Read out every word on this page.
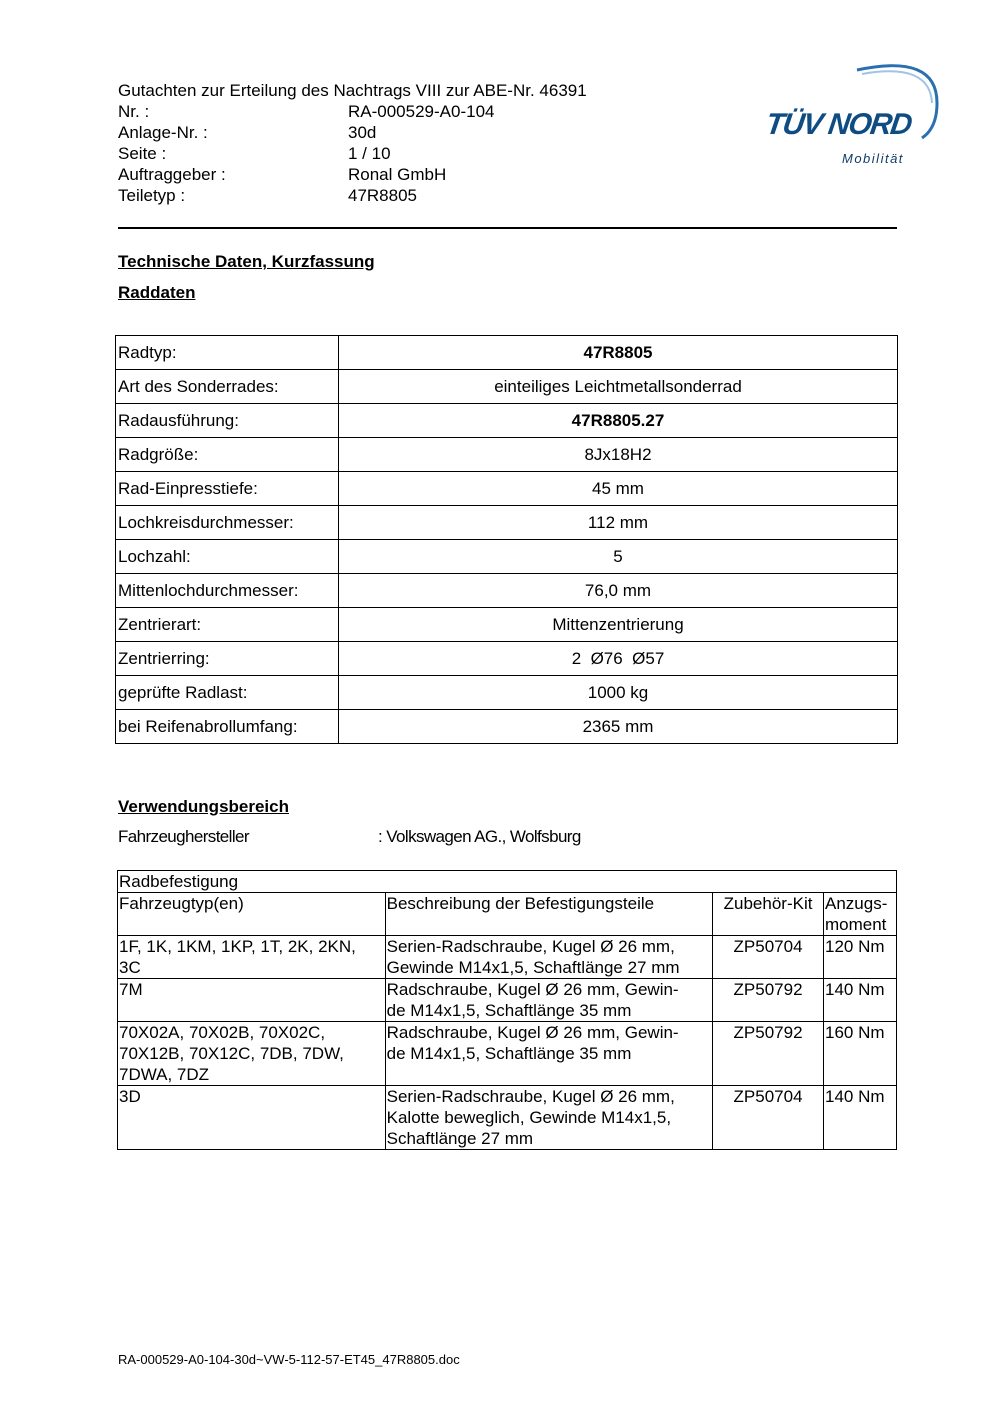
Gutachten zur Erteilung des Nachtrags VIII zur ABE-Nr. 46391
Nr. :	RA-000529-A0-104
Anlage-Nr. :	30d
Seite :	1 / 10
Auftraggeber :	Ronal GmbH
Teiletyp :	47R8805
TÜV NORD
Mobilität
Technische Daten, Kurzfassung
Raddaten
Radtyp:	47R8805
Art des Sonderrades:	einteiliges Leichtmetallsonderrad
Radausführung:	47R8805.27
Radgröße:	8Jx18H2
Rad-Einpresstiefe:	45 mm
Lochkreisdurchmesser:	112 mm
Lochzahl:	5
Mittenlochdurchmesser:	76,0 mm
Zentrierart:	Mittenzentrierung
Zentrierring:	2  Ø76  Ø57
geprüfte Radlast:	1000 kg
bei Reifenabrollumfang:	2365 mm
Verwendungsbereich
Fahrzeughersteller	: Volkswagen AG., Wolfsburg
Radbefestigung			
Fahrzeugtyp(en)	Beschreibung der Befestigungsteile	Zubehör-Kit	Anzugs-
moment
1F, 1K, 1KM, 1KP, 1T, 2K, 2KN,
3C	Serien-Radschraube, Kugel Ø 26 mm,
Gewinde M14x1,5, Schaftlänge 27 mm	ZP50704	120 Nm
7M	Radschraube, Kugel Ø 26 mm, Gewin-
de M14x1,5, Schaftlänge 35 mm	ZP50792	140 Nm
70X02A, 70X02B, 70X02C,
70X12B, 70X12C, 7DB, 7DW,
7DWA, 7DZ	Radschraube, Kugel Ø 26 mm, Gewin-
de M14x1,5, Schaftlänge 35 mm	ZP50792	160 Nm
3D	Serien-Radschraube, Kugel Ø 26 mm,
Kalotte beweglich, Gewinde M14x1,5,
Schaftlänge 27 mm	ZP50704	140 Nm
RA-000529-A0-104-30d~VW-5-112-57-ET45_47R8805.doc
